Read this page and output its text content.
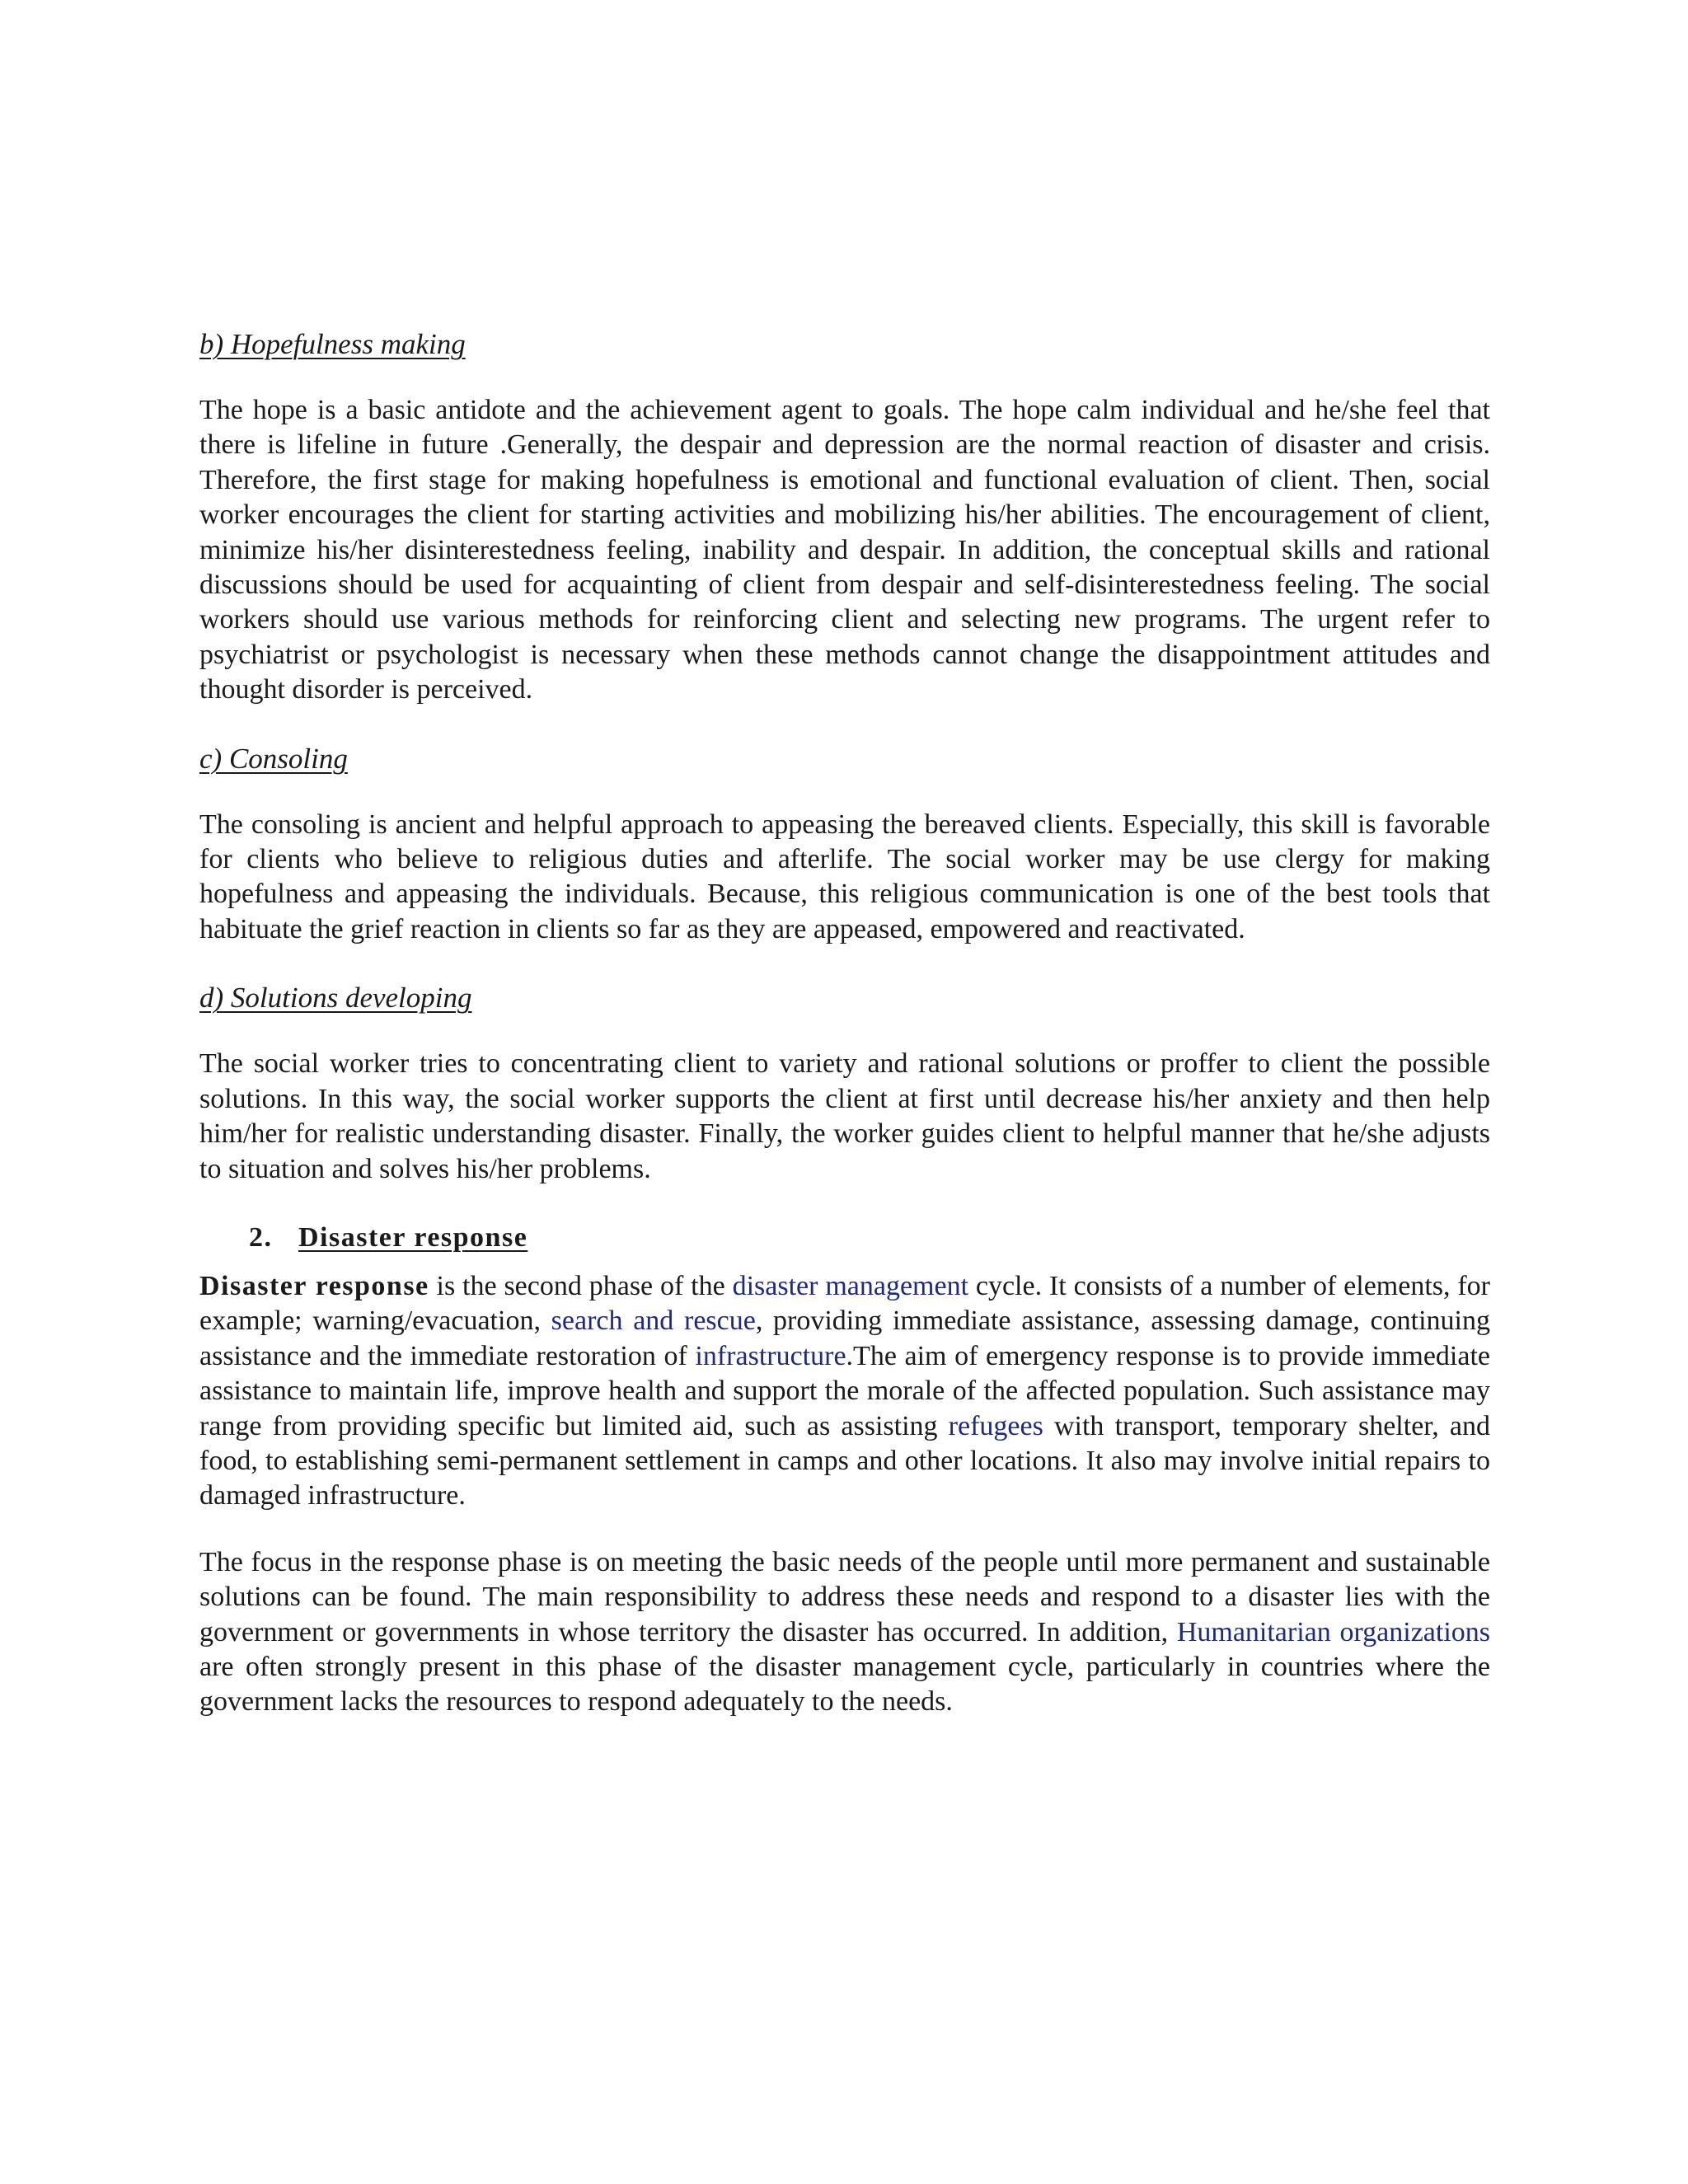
b) Hopefulness making

The hope is a basic antidote and the achievement agent to goals. The hope calm individual and he/she feel that there is lifeline in future .Generally, the despair and depression are the normal reaction of disaster and crisis. Therefore, the first stage for making hopefulness is emotional and functional evaluation of client. Then, social worker encourages the client for starting activities and mobilizing his/her abilities. The encouragement of client, minimize his/her disinterestedness feeling, inability and despair. In addition, the conceptual skills and rational discussions should be used for acquainting of client from despair and self-disinterestedness feeling. The social workers should use various methods for reinforcing client and selecting new programs. The urgent refer to psychiatrist or psychologist is necessary when these methods cannot change the disappointment attitudes and thought disorder is perceived.

c) Consoling

The consoling is ancient and helpful approach to appeasing the bereaved clients. Especially, this skill is favorable for clients who believe to religious duties and afterlife. The social worker may be use clergy for making hopefulness and appeasing the individuals. Because, this religious communication is one of the best tools that habituate the grief reaction in clients so far as they are appeased, empowered and reactivated.

d) Solutions developing

The social worker tries to concentrating client to variety and rational solutions or proffer to client the possible solutions. In this way, the social worker supports the client at first until decrease his/her anxiety and then help him/her for realistic understanding disaster. Finally, the worker guides client to helpful manner that he/she adjusts to situation and solves his/her problems.

2. Disaster response

Disaster response is the second phase of the disaster management cycle. It consists of a number of elements, for example; warning/evacuation, search and rescue, providing immediate assistance, assessing damage, continuing assistance and the immediate restoration of infrastructure.The aim of emergency response is to provide immediate assistance to maintain life, improve health and support the morale of the affected population. Such assistance may range from providing specific but limited aid, such as assisting refugees with transport, temporary shelter, and food, to establishing semi-permanent settlement in camps and other locations. It also may involve initial repairs to damaged infrastructure.

The focus in the response phase is on meeting the basic needs of the people until more permanent and sustainable solutions can be found. The main responsibility to address these needs and respond to a disaster lies with the government or governments in whose territory the disaster has occurred. In addition, Humanitarian organizations are often strongly present in this phase of the disaster management cycle, particularly in countries where the government lacks the resources to respond adequately to the needs.
